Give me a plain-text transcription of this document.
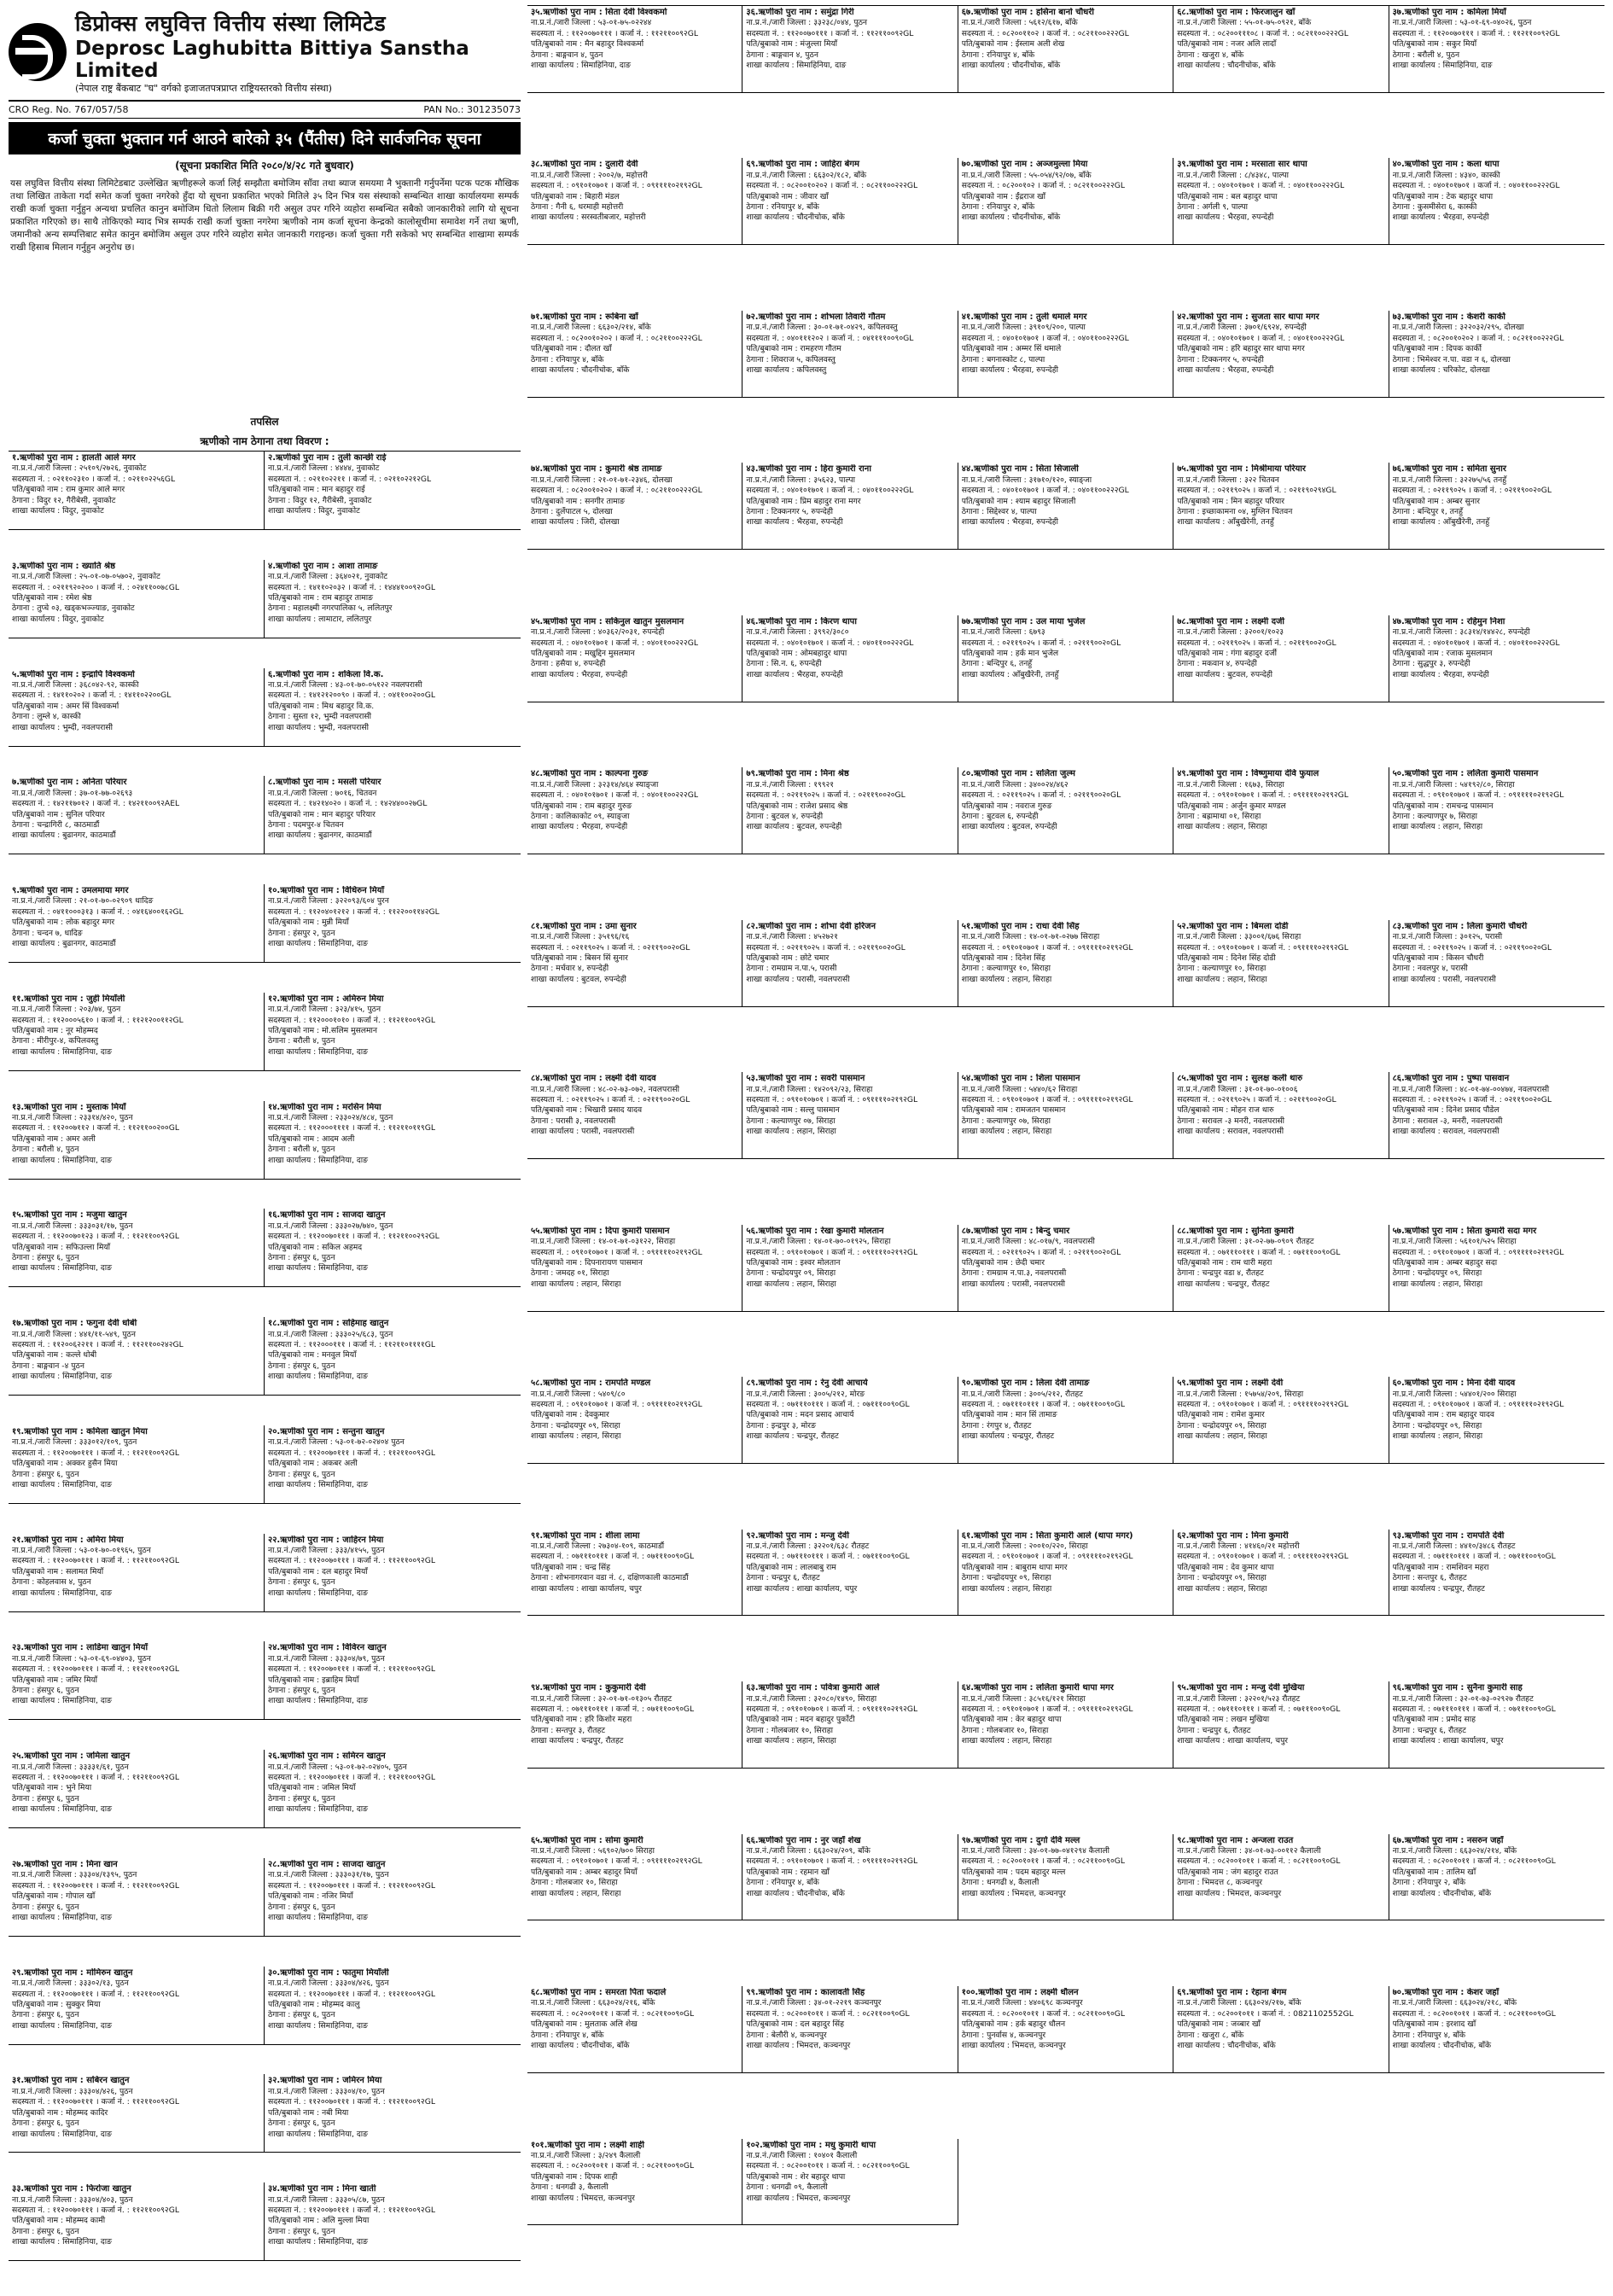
डिप्रोक्स लघुवित्त वित्तीय संस्था लिमिटेड
Deprosc Laghubitta Bittiya Sanstha Limited
(नेपाल राष्ट्र बैंकबाट "घ" वर्गको इजाजतपत्रप्राप्त राष्ट्रियस्तरको वित्तीय संस्था)
CRO Reg. No. 767/057/58	PAN No.: 301235073
कर्जा चुक्ता भुक्तान गर्न आउने बारेको ३५ (पैंतीस) दिने सार्वजनिक सूचना
(सूचना प्रकाशित मिति २०८०/४/२८ गते बुधवार)
यस लघुवित्त वित्तीय संस्था लिमिटेडबाट उल्लेखित ऋणीहरूले कर्जा लिई सम्झौता बमोजिम साँवा तथा ब्याज समयमा नै भुक्तानी गर्नुपर्नेमा पटक पटक मौखिक तथा लिखित ताकेता गर्दा समेत कर्जा चुक्ता नगरेको हुँदा यो सूचना प्रकाशित भएको मितिले ३५ दिन भित्र यस संस्थाको सम्बन्धित शाखा कार्यालयमा सम्पर्क राखी कर्जा चुक्ता गर्नुहुन अन्यथा प्रचलित कानुन बमोजिम धितो लिलाम बिक्री गरी असुल उपर गरिने व्यहोरा सम्बन्धित सबैको जानकारीको लागि यो सूचना प्रकाशित गरिएको छ। साथै तोकिएको म्याद भित्र सम्पर्क राखी कर्जा चुक्ता नगरेमा ऋणीको नाम कर्जा सूचना केन्द्रको कालोसूचीमा समावेश गर्ने तथा ऋणी, जमानीको अन्य सम्पत्तिबाट समेत कानुन बमोजिम असुल उपर गरिने व्यहोरा समेत जानकारी गराइन्छ। कर्जा चुक्ता गरी सकेको भए सम्बन्धित शाखामा सम्पर्क राखी हिसाब मिलान गर्नुहुन अनुरोध छ।
तपसिल
ऋणीको नाम ठेगाना तथा विवरण :
१.ऋणीको पुरा नाम : हालती आले मगर
ना.प्र.नं./जारी जिल्ला : २५१०९/२७२६, नुवाकोट
सदस्यता नं. : ०२११०२३१० । कर्जा नं. : ०२११०२२५६GL
पति/बुबाको नाम : राम कुमार आले मगर
ठेगाना : विदुर १२, गैरीबेसी, नुवाकोट
शाखा कार्यालय : विदुर, नुवाकोट
२.ऋणीको पुरा नाम : तुली कान्छी राई
ना.प्र.नं./जारी जिल्ला : ४४४४, नुवाकोट
सदस्यता नं. : ०२११०२२११ । कर्जा नं. : ०२११०२२१२GL
पति/बुबाको नाम : मान बहादुर राई
ठेगाना : विदुर १२, गैरीबेसी, नुवाकोट
शाखा कार्यालय : विदुर, नुवाकोट
३.ऋणीको पुरा नाम : ख्याति श्रेष्ठ
ना.प्र.नं./जारी जिल्ला : २५-०१-०७-०५७०२, नुवाकोट
सदस्यता नं. : ०२११९२०२०० । कर्जा नं. : ०२४११००७८GL
पति/बुबाको नाम : रमेश श्रेष्ठ
ठेगाना : तुप्चे ०३, खड्कभञ्ज्याङ, नुवाकोट
शाखा कार्यालय : विदुर, नुवाकोट
४.ऋणीको पुरा नाम : आशा तामाङ
ना.प्र.नं./जारी जिल्ला : ३६४०२१, नुवाकोट
सदस्यता नं. : १४११०२०३२ । कर्जा नं. : १४४४१००९२०GL
पति/बुबाको नाम : राम बहादुर तामाङ
ठेगाना : महालक्ष्मी नगरपालिका ५, ललितपुर
शाखा कार्यालय : लामाटार, ललितपुर
५.ऋणीको पुरा नाम : इन्द्रापि विश्वकर्मा
ना.प्र.नं./जारी जिल्ला : ३६८०४२-९२, कास्की
सदस्यता नं. : १४११०२०२ । कर्जा नं. : १४११०२२००GL
पति/बुबाको नाम : अमर सिं विश्वकर्मा
ठेगाना : लुम्ले ४, कास्की
शाखा कार्यालय : भुम्दी, नवलपरासी
६.ऋणीको पुरा नाम : शकिला वि.क.
ना.प्र.नं./जारी जिल्ला : ४३-०१-७०-०५१२२ नवलपरासी
सदस्यता नं. : १४१२१२००९० । कर्जा नं. : ०४११००२००GL
पति/बुबाको नाम : मिथ बहादुर वि.क.
ठेगाना : सुस्ता १२, भुम्दी नवलपरासी
शाखा कार्यालय : भुम्दी, नवलपरासी
७.ऋणीको पुरा नाम : अनिता परियार
ना.प्र.नं./जारी जिल्ला : ३७-०१-७७-०२६९३
सदस्यता नं. : १४२११७०१२ । कर्जा नं. : १४२११००९२AEL
पति/बुबाको नाम : सुनिल परियार
ठेगाना : चन्द्रागिरी ८, काठमाडौं
शाखा कार्यालय : बुढानगर, काठमाडौं
८.ऋणीको पुरा नाम : मसली परियार
ना.प्र.नं./जारी जिल्ला : ७०१६, चितवन
सदस्यता नं. : १४२१४०२० । कर्जा नं. : १४२४४००२७GL
पति/बुबाको नाम : मान बहादुर परियार
ठेगाना : पदमपुर-४ चितवन
शाखा कार्यालय : बुढानगर, काठमाडौं
९.ऋणीको पुरा नाम : उमलमाया मगर
ना.प्र.नं./जारी जिल्ला : २१-०१-७०-०२९०९ धादिङ
सदस्यता नं. : ०४११०००३१३ । कर्जा नं. : ०४१६४००१६२GL
पति/बुबाको नाम : लोक बहादुर मगर
ठेगाना : चन्दन ७, धादिङ
शाखा कार्यालय : बुढानगर, काठमाडौं
१०.ऋणीको पुरा नाम : विधिरुन मियाँ
ना.प्र.नं./जारी जिल्ला : ३२२०९३/६०४ पुरन
सदस्यता नं. : ११२०४०१२१२ । कर्जा नं. : ११२२००११४२GL
पति/बुबाको नाम : मुन्नी मियाँ
ठेगाना : हंसपुर २, पुठन
शाखा कार्यालय : सिमाहिनिया, दाङ
११.ऋणीको पुरा नाम : जुही मियाँली
ना.प्र.नं./जारी जिल्ला : २०३/७४, पुठन
सदस्यता नं. : ११२०००५६१० । कर्जा नं. : ११२१२००११२GL
पति/बुबाको नाम : नूर मोहम्मद
ठेगाना : मीरीपुर-४, कपिलवस्तु
शाखा कार्यालय : सिमाहिनिया, दाङ
१२.ऋणीको पुरा नाम : अमिरुन मिया
ना.प्र.नं./जारी जिल्ला : ३२३/४१५, पुठन
सदस्यता नं. : ११२०००१०१० । कर्जा नं. : ११२११००९२GL
पति/बुबाको नाम : मो.सलिम मुसलमान
ठेगाना : बरौली ४, पुठन
शाखा कार्यालय : सिमाहिनिया, दाङ
१३.ऋणीको पुरा नाम : मुस्ताक मियाँ
ना.प्र.नं./जारी जिल्ला : २३३१४/४२०, पुठन
सदस्यता नं. : ११२००७११२ । कर्जा नं. : ११२११००२००GL
पति/बुबाको नाम : अमर अली
ठेगाना : बरौली ४, पुठन
शाखा कार्यालय : सिमाहिनिया, दाङ
१४.ऋणीको पुरा नाम : मरसिन मिया
ना.प्र.नं./जारी जिल्ला : २३३०२४/४८४, पुठन
सदस्यता नं. : ११२०००११११ । कर्जा नं. : ११२११०११९GL
पति/बुबाको नाम : आदम अली
ठेगाना : बरौली ४, पुठन
शाखा कार्यालय : सिमाहिनिया, दाङ
१५.ऋणीको पुरा नाम : मजुमा खातुन
ना.प्र.नं./जारी जिल्ला : ३३३०३१/१७, पुठन
सदस्यता नं. : ११२००७०१२३ । कर्जा नं. : ११२११००९२GL
पति/बुबाको नाम : सफिउल्ला मियाँ
ठेगाना : हंसपुर ६, पुठन
शाखा कार्यालय : सिमाहिनिया, दाङ
१६.ऋणीको पुरा नाम : साजदा खातुन
ना.प्र.नं./जारी जिल्ला : ३३३०२७/७४०, पुठन
सदस्यता नं. : ११२००७०१११ । कर्जा नं. : ११२११००२९२GL
पति/बुबाको नाम : सकिल अहमद
ठेगाना : हंसपुर ६, पुठन
शाखा कार्यालय : सिमाहिनिया, दाङ
१७.ऋणीको पुरा नाम : फगुना देवी धोबी
ना.प्र.नं./जारी जिल्ला : ४४१/११-५४९, पुठन
सदस्यता नं. : ११२००६२२११ । कर्जा नं. : ११२११००२४२GL
पति/बुबाको नाम : कल्ले धोबी
ठेगाना : बाङ्गवान -४ पुठन
शाखा कार्यालय : सिमाहिनिया, दाङ
१८.ऋणीको पुरा नाम : सहिमाह खातुन
ना.प्र.नं./जारी जिल्ला : ३३३०२५/६८३, पुठन
सदस्यता नं. : ११२०००१११ । कर्जा नं. : ११२११०११११GL
पति/बुबाको नाम : मनवुल मियाँ
ठेगाना : हंसपुर ६, पुठन
शाखा कार्यालय : सिमाहिनिया, दाङ
१९.ऋणीको पुरा नाम : कमिला खातुन मिया
ना.प्र.नं./जारी जिल्ला : ३३३०१२/१०९, पुठन
सदस्यता नं. : ११२००७०१११ । कर्जा नं. : ११२११००९२GL
पति/बुबाको नाम : अक्कर हुसैन मिया
ठेगाना : हंसपुर ६, पुठन
शाखा कार्यालय : सिमाहिनिया, दाङ
२०.ऋणीको पुरा नाम : सन्तुना खातुन
ना.प्र.नं./जारी जिल्ला : ५३-०१-७२-०२४०४ पुठन
सदस्यता नं. : ११२००७०१११ । कर्जा नं. : ११२११००९२GL
पति/बुबाको नाम : अकबर अली
ठेगाना : हंसपुर ६, पुठन
शाखा कार्यालय : सिमाहिनिया, दाङ
२१.ऋणीको पुरा नाम : अमिरा मिया
ना.प्र.नं./जारी जिल्ला : ५३-०१-७०-०१९६५, पुठन
सदस्यता नं. : ११२००७०१११ । कर्जा नं. : ११२११००९२GL
पति/बुबाको नाम : सलामत मियाँ
ठेगाना : कोहलवास ४, पुठन
शाखा कार्यालय : सिमाहिनिया, दाङ
२२.ऋणीको पुरा नाम : जाहिरन मिया
ना.प्र.नं./जारी जिल्ला : ३३३/४१५५, पुठन
सदस्यता नं. : ११२००७०१११ । कर्जा नं. : ११२११००९२GL
पति/बुबाको नाम : दल बहादुर मियाँ
ठेगाना : हंसपुर ६, पुठन
शाखा कार्यालय : सिमाहिनिया, दाङ
२३.ऋणीको पुरा नाम : लाडिमा खातुन मियाँ
ना.प्र.नं./जारी जिल्ला : ५३-०१-६९-०४४०३, पुठन
सदस्यता नं. : ११२००७०१११ । कर्जा नं. : ११२११००९२GL
पति/बुबाको नाम : जमिर मियाँ
ठेगाना : हंसपुर ६, पुठन
शाखा कार्यालय : सिमाहिनिया, दाङ
२४.ऋणीको पुरा नाम : विविरन खातुन
ना.प्र.नं./जारी जिल्ला : ३३३०४/७९, पुठन
सदस्यता नं. : ११२००७०१११ । कर्जा नं. : ११२११००९२GL
पति/बुबाको नाम : इब्राहिम मियाँ
ठेगाना : हंसपुर ६, पुठन
शाखा कार्यालय : सिमाहिनिया, दाङ
२५.ऋणीको पुरा नाम : जमिला खातुन
ना.प्र.नं./जारी जिल्ला : ३३३३१/६१, पुठन
सदस्यता नं. : ११२००७०१११ । कर्जा नं. : ११२११००९२GL
पति/बुबाको नाम : भुने मिया
ठेगाना : हंसपुर ६, पुठन
शाखा कार्यालय : सिमाहिनिया, दाङ
२६.ऋणीको पुरा नाम : समिरन खातुन
ना.प्र.नं./जारी जिल्ला : ५३-०१-७२-०२४०५, पुठन
सदस्यता नं. : ११२००७०१११ । कर्जा नं. : ११२११००९२GL
पति/बुबाको नाम : जमिल मियाँ
ठेगाना : हंसपुर ६, पुठन
शाखा कार्यालय : सिमाहिनिया, दाङ
२७.ऋणीको पुरा नाम : मिना खान
ना.प्र.नं./जारी जिल्ला : ३३३०४/१३९५, पुठन
सदस्यता नं. : ११२००७०१११ । कर्जा नं. : ११२११००९२GL
पति/बुबाको नाम : गोपाल खाँ
ठेगाना : हंसपुर ६, पुठन
शाखा कार्यालय : सिमाहिनिया, दाङ
२८.ऋणीको पुरा नाम : साजदा खातुन
ना.प्र.नं./जारी जिल्ला : ३३३०३१/१७, पुठन
सदस्यता नं. : ११२००७०१११ । कर्जा नं. : ११२११००९२GL
पति/बुबाको नाम : नजिर मियाँ
ठेगाना : हंसपुर ६, पुठन
शाखा कार्यालय : सिमाहिनिया, दाङ
२९.ऋणीको पुरा नाम : मोमिरुन खातुन
ना.प्र.नं./जारी जिल्ला : ३३३०२/१३, पुठन
सदस्यता नं. : ११२००७०१११ । कर्जा नं. : ११२११००९२GL
पति/बुबाको नाम : सुक्कुर मिया
ठेगाना : हंसपुर ६, पुठन
शाखा कार्यालय : सिमाहिनिया, दाङ
३०.ऋणीको पुरा नाम : फातुमा मियाँली
ना.प्र.नं./जारी जिल्ला : ३३३०४/४२६, पुठन
सदस्यता नं. : ११२००७०१११ । कर्जा नं. : ११२११००९२GL
पति/बुबाको नाम : मोहम्मद कालु
ठेगाना : हंसपुर ६, पुठन
शाखा कार्यालय : सिमाहिनिया, दाङ
३१.ऋणीको पुरा नाम : सबिरन खातुन
ना.प्र.नं./जारी जिल्ला : ३३३०४/४२६, पुठन
सदस्यता नं. : ११२००७०१११ । कर्जा नं. : ११२११००९२GL
पति/बुबाको नाम : मोहम्मद कादिर
ठेगाना : हंसपुर ६, पुठन
शाखा कार्यालय : सिमाहिनिया, दाङ
३२.ऋणीको पुरा नाम : जमिरन मिया
ना.प्र.नं./जारी जिल्ला : ३३३०४/१०, पुठन
सदस्यता नं. : ११२००७०१११ । कर्जा नं. : ११२११००९२GL
पति/बुबाको नाम : नबी मिया
ठेगाना : हंसपुर ६, पुठन
शाखा कार्यालय : सिमाहिनिया, दाङ
३३.ऋणीको पुरा नाम : फिरोजा खातुन
ना.प्र.नं./जारी जिल्ला : ३३३०४/४०३, पुठन
सदस्यता नं. : ११२००७०१११ । कर्जा नं. : ११२११००९२GL
पति/बुबाको नाम : मोहम्मद कामी
ठेगाना : हंसपुर ६, पुठन
शाखा कार्यालय : सिमाहिनिया, दाङ
३४.ऋणीको पुरा नाम : मिना खाती
ना.प्र.नं./जारी जिल्ला : ३३३०५/८७, पुठन
सदस्यता नं. : ११२००७०१११ । कर्जा नं. : ११२११००९२GL
पति/बुबाको नाम : अलि मुल्ला मिया
ठेगाना : हंसपुर ६, पुठन
शाखा कार्यालय : सिमाहिनिया, दाङ
३५.ऋणीको पुरा नाम : सिता देवी विश्वकर्मा
ना.प्र.नं./जारी जिल्ला : ५३-०१-७५-०२२४४
सदस्यता नं. : ११२००७०१११ । कर्जा नं. : ११२११००९२GL
पति/बुबाको नाम : मैन बहादुर विश्वकर्मा
ठेगाना : बाङ्गवान ४, पुठन
शाखा कार्यालय : सिमाहिनिया, दाङ
३६.ऋणीको पुरा नाम : समुंद्रा गिरी
ना.प्र.नं./जारी जिल्ला : ३३२३८/०४४, पुठन
सदस्यता नं. : ११२००७०१११ । कर्जा नं. : ११२११००९२GL
पति/बुबाको नाम : मंजुल्ला मियाँ
ठेगाना : बाङ्गवान ४, पुठन
शाखा कार्यालय : सिमाहिनिया, दाङ
६७.ऋणीको पुरा नाम : हसिना बानो चौधरी
ना.प्र.नं./जारी जिल्ला : ५६१२/६१७, बाँके
सदस्यता नं. : ०८२००११०२ । कर्जा नं. : ०८२११००२२२GL
पति/बुबाको नाम : ईस्लाम अली शेख
ठेगाना : रनियापुर ४, बाँके
शाखा कार्यालय : चौदनीचोक, बाँके
६८.ऋणीको पुरा नाम : फिरजालुन खाँ
ना.प्र.नं./जारी जिल्ला : ५५-०१-७५-०९२१, बाँके
सदस्यता नं. : ०८२००१११०८ । कर्जा नं. : ०८२११००२२२GL
पति/बुबाको नाम : नजर अलि लादाँ
ठेगाना : खजुरा ४, बाँके
शाखा कार्यालय : चौदनीचोक, बाँके
३७.ऋणीको पुरा नाम : कमिला मियाँ
ना.प्र.नं./जारी जिल्ला : ५३-०१-६९-०४०२६, पुठन
सदस्यता नं. : ११२००७०१११ । कर्जा नं. : ११२११००९२GL
पति/बुबाको नाम : सकुर मियाँ
ठेगाना : बरौली ४, पुठन
शाखा कार्यालय : सिमाहिनिया, दाङ
३८.ऋणीको पुरा नाम : दुलारी देवी
ना.प्र.नं./जारी जिल्ला : २००२/७, महोत्तरी
सदस्यता नं. : ०९१०१०७०१ । कर्जा नं. : ०९११११०२१९२GL
पति/बुबाको नाम : बिहारी मंडल
ठेगाना : गैनी ६, धरमाही महोत्तरी
शाखा कार्यालय : सरस्वतीबजार, महोत्तरी
६९.ऋणीको पुरा नाम : जाहिरा बेगम
ना.प्र.नं./जारी जिल्ला : ६६३०२/१८२, बाँके
सदस्यता नं. : ०८२००१०२०२ । कर्जा नं. : ०८२११००२२२GL
पति/बुबाको नाम : जीवार खाँ
ठेगाना : रनियापुर ४, बाँके
शाखा कार्यालय : चौदनीचोक, बाँके
७०.ऋणीको पुरा नाम : अञ्जमुल्ला मिया
ना.प्र.नं./जारी जिल्ला : ५५-०५४/९२/०७, बाँके
सदस्यता नं. : ०८२००१०२ । कर्जा नं. : ०८२११००२२२GL
पति/बुबाको नाम : ईंद्रराज खाँ
ठेगाना : रनियापुर २, बाँके
शाखा कार्यालय : चौदनीचोक, बाँके
३९.ऋणीको पुरा नाम : मरसाता सार थापा
ना.प्र.नं./जारी जिल्ला : ८/४३४८, पाल्पा
सदस्यता नं. : ०४०१०१७०१ । कर्जा नं. : ०४०११००२२२GL
पति/बुबाको नाम : बल बहादुर थापा
ठेगाना : अर्गली ९, पाल्पा
शाखा कार्यालय : भैरहवा, रुपन्देही
४०.ऋणीको पुरा नाम : कला थापा
ना.प्र.नं./जारी जिल्ला : ४३४०, कास्की
सदस्यता नं. : ०४०१०१७०१ । कर्जा नं. : ०४०११००२२२GL
पति/बुबाको नाम : टेक बहादुर थापा
ठेगाना : कुसमीसेरा ६, कास्की
शाखा कार्यालय : भैरहवा, रुपन्देही
७१.ऋणीको पुरा नाम : रूबिना खाँ
ना.प्र.नं./जारी जिल्ला : ६६३०२/२१४, बाँके
सदस्यता नं. : ०८२००१०२०२ । कर्जा नं. : ०८२११००२२२GL
पति/बुबाको नाम : दौलत खाँ
ठेगाना : रनियापुर ४, बाँके
शाखा कार्यालय : चौदनीचोक, बाँके
७२.ऋणीको पुरा नाम : शोभला तिवारी गौतम
ना.प्र.नं./जारी जिल्ला : ३०-०१-७१-०४२९, कपिलवस्तु
सदस्यता नं. : ०४०१११२०२ । कर्जा नं. : ०४११११००९०GL
पति/बुबाको नाम : रामहरण गौतम
ठेगाना : शिवराज ५, कपिलवस्तु
शाखा कार्यालय : कपिलवस्तु
४१.ऋणीको पुरा नाम : तुली थमाले मगर
ना.प्र.नं./जारी जिल्ला : ३९१०९/२००, पाल्पा
सदस्यता नं. : ०४०१०१७०१ । कर्जा नं. : ०४०११००२२२GL
पति/बुबाको नाम : अम्मर सिं थमाले
ठेगाना : बगनास्कोट ८, पाल्पा
शाखा कार्यालय : भैरहवा, रुपन्देही
४२.ऋणीको पुरा नाम : सुजता सार थापा मगर
ना.प्र.नं./जारी जिल्ला : ३७०१/६९२४, रुपन्देही
सदस्यता नं. : ०४०१०१७०१ । कर्जा नं. : ०४०११००२२२GL
पति/बुबाको नाम : हरि बहादुर सार थापा मगर
ठेगाना : टिक्कनगर ५, रुपन्देही
शाखा कार्यालय : भैरहवा, रुपन्देही
७३.ऋणीको पुरा नाम : केशरी कार्की
ना.प्र.नं./जारी जिल्ला : ३२२०३२/२९५, दोलखा
सदस्यता नं. : ०८२००१०२०२ । कर्जा नं. : ०८२११००२२२GL
पति/बुबाको नाम : दिपक कार्की
ठेगाना : भिमेश्वर न.पा. वडा न ६, दोलखा
शाखा कार्यालय : चरिकोट, दोलखा
७४.ऋणीको पुरा नाम : कुमारी श्रेष्ठ तामाङ
ना.प्र.नं./जारी जिल्ला : २१-०१-७१-२३४६, दोलखा
सदस्यता नं. : ०८२००१०२०२ । कर्जा नं. : ०८२११००२२२GL
पति/बुबाको नाम : सनगीर तामाङ
ठेगाना : दुर्लेपाटल ५, दोलखा
शाखा कार्यालय : जिरी, दोलखा
४३.ऋणीको पुरा नाम : हिरा कुमारी राना
ना.प्र.नं./जारी जिल्ला : ३५६२३, पाल्पा
सदस्यता नं. : ०४०१०१७०१ । कर्जा नं. : ०४०११००२२२GL
पति/बुबाको नाम : प्रिम बहादुर राना मगर
ठेगाना : टिक्कनगर ५, रुपन्देही
शाखा कार्यालय : भैरहवा, रुपन्देही
४४.ऋणीको पुरा नाम : सिता सिजाली
ना.प्र.नं./जारी जिल्ला : ३१७१०/१२०, स्याङ्जा
सदस्यता नं. : ०४०१०१७०१ । कर्जा नं. : ०४०११००२२२GL
पति/बुबाको नाम : श्याम बहादुर सिजाली
ठेगाना : सिद्देश्वर ४, पाल्पा
शाखा कार्यालय : भैरहवा, रुपन्देही
७५.ऋणीको पुरा नाम : मिश्रीमाया परियार
ना.प्र.नं./जारी जिल्ला : ३२२ चितवन
सदस्यता नं. : ०२११९०२५ । कर्जा नं. : ०२११९०२९४GL
पति/बुबाको नाम : मिन बहादुर परियार
ठेगाना : इच्छाकामना ०४, मुग्लिन चितवन
शाखा कार्यालय : आँबुखैरेनी, तनहुँ
७६.ऋणीको पुरा नाम : समिता सुनार
ना.प्र.नं./जारी जिल्ला : ३२२७५/५६ तनहुँ
सदस्यता नं. : ०२११९०२५ । कर्जा नं. : ०२११९००२०GL
पति/बुबाको नाम : अम्बर सुनार
ठेगाना : बन्दिपुर १, तनहुँ
शाखा कार्यालय : आँबुखैरेनी, तनहुँ
४५.ऋणीको पुरा नाम : सकिनुल खातुन मुसलमान
ना.प्र.नं./जारी जिल्ला : ४०३६२/२०३१, रुपन्देही
सदस्यता नं. : ०४०१०१७०१ । कर्जा नं. : ०४०११००२२२GL
पति/बुबाको नाम : मखुद्दिन मुसलमान
ठेगाना : हसैया ४, रुपन्देही
शाखा कार्यालय : भैरहवा, रुपन्देही
४६.ऋणीको पुरा नाम : किरण थापा
ना.प्र.नं./जारी जिल्ला : ३९९२/३०८०
सदस्यता नं. : ०४०१०१७०१ । कर्जा नं. : ०४०११००२२२GL
पति/बुबाको नाम : ओमबहादुर थापा
ठेगाना : सि.न. ६, रुपन्देही
शाखा कार्यालय : भैरहवा, रुपन्देही
७७.ऋणीको पुरा नाम : उल माया भुजेल
ना.प्र.नं./जारी जिल्ला : ६७९३
सदस्यता नं. : ०२११९०२५ । कर्जा नं. : ०२११९००२०GL
पति/बुबाको नाम : हर्क मान भुजेल
ठेगाना : बन्दिपुर ६, तनहुँ
शाखा कार्यालय : आँबुखैरेनी, तनहुँ
७८.ऋणीको पुरा नाम : लक्ष्मी दर्जी
ना.प्र.नं./जारी जिल्ला : ३२००१/१०२३
सदस्यता नं. : ०२११९०२५ । कर्जा नं. : ०२११९००२०GL
पति/बुबाको नाम : गंगा बहादुर दर्जी
ठेगाना : मकवान ४, रुपन्देही
शाखा कार्यालय : बुटवल, रुपन्देही
४७.ऋणीको पुरा नाम : रहिमुन निशा
ना.प्र.नं./जारी जिल्ला : ३८३१४/१४४२८, रुपन्देही
सदस्यता नं. : ०४०१०१७०१ । कर्जा नं. : ०४०११००२२२GL
पति/बुबाको नाम : रजाक मुसलमान
ठेगाना : सुद्धपुर ३, रुपन्देही
शाखा कार्यालय : भैरहवा, रुपन्देही
४८.ऋणीको पुरा नाम : काल्पना गुरुङ
ना.प्र.नं./जारी जिल्ला : ३२३१४/४६४ स्याङ्जा
सदस्यता नं. : ०४०१०१७०१ । कर्जा नं. : ०४०११००२२२GL
पति/बुबाको नाम : राम बहादुर गुरुङ
ठेगाना : कालिकाकोट ०९, स्याङ्जा
शाखा कार्यालय : भैरहवा, रुपन्देही
७९.ऋणीको पुरा नाम : मिना श्रेष्ठ
ना.प्र.नं./जारी जिल्ला : १९९२१
सदस्यता नं. : ०२११९०२५ । कर्जा नं. : ०२११९००२०GL
पति/बुबाको नाम : राजेश प्रसाद श्रेष्ठ
ठेगाना : बुटवल ४, रुपन्देही
शाखा कार्यालय : बुटवल, रुपन्देही
८०.ऋणीको पुरा नाम : सलिता जुल्म
ना.प्र.नं./जारी जिल्ला : ३४००२४/४६२
सदस्यता नं. : ०२११९०२५ । कर्जा नं. : ०२११९००२०GL
पति/बुबाको नाम : नवराज गुरुङ
ठेगाना : बुटवल ६, रुपन्देही
शाखा कार्यालय : बुटवल, रुपन्देही
४९.ऋणीको पुरा नाम : विष्णुमाया देवि फुयाल
ना.प्र.नं./जारी जिल्ला : १६७३, सिराहा
सदस्यता नं. : ०९१०१०७०१ । कर्जा नं. : ०९११११०२१९२GL
पति/बुबाको नाम : अर्जुन कुमार मण्डल
ठेगाना : बह्रामाथा ०१, सिराहा
शाखा कार्यालय : लहान, सिराहा
५०.ऋणीको पुरा नाम : ललिता कुमारी पासमान
ना.प्र.नं./जारी जिल्ला : ५४१९२/८०, सिराहा
सदस्यता नं. : ०९१०१०७०१ । कर्जा नं. : ०९११११०२१९२GL
पति/बुबाको नाम : रामचन्द्र पासमान
ठेगाना : कल्याणपुर ७, सिराहा
शाखा कार्यालय : लहान, सिराहा
८१.ऋणीको पुरा नाम : उमा सुनार
ना.प्र.नं./जारी जिल्ला : ३५१९६/१६
सदस्यता नं. : ०२११९०२५ । कर्जा नं. : ०२११९००२०GL
पति/बुबाको नाम : बिसन सिं सुनार
ठेगाना : मर्चवार ४, रुपन्देही
शाखा कार्यालय : बुटवल, रुपन्देही
८२.ऋणीको पुरा नाम : शोभा देवी हरिजन
ना.प्र.नं./जारी जिल्ला : ४५२७२१
सदस्यता नं. : ०२११९०२५ । कर्जा नं. : ०२११९००२०GL
पति/बुबाको नाम : छोटे चमार
ठेगाना : रामग्राम न.पा.५, परासी
शाखा कार्यालय : परासी, नवलपरासी
५१.ऋणीको पुरा नाम : राधा देवी सिंह
ना.प्र.नं./जारी जिल्ला : १४-०१-७१-०२७७ सिराहा
सदस्यता नं. : ०९१०१०७०१ । कर्जा नं. : ०९११११०२१९२GL
पति/बुबाको नाम : दिनेश सिंह
ठेगाना : कल्याणपुर १०, सिराहा
शाखा कार्यालय : लहान, सिराहा
५२.ऋणीको पुरा नाम : बिमला दोडी
ना.प्र.नं./जारी जिल्ला : ३३००१/६७६ सिराहा
सदस्यता नं. : ०९१०१०७०१ । कर्जा नं. : ०९११११०२१९२GL
पति/बुबाको नाम : दिनेश सिंह दोडी
ठेगाना : कल्याणपुर १०, सिराहा
शाखा कार्यालय : लहान, सिराहा
८३.ऋणीको पुरा नाम : लिला कुमारी चौधरी
ना.प्र.नं./जारी जिल्ला : ३०१२५, परासी
सदस्यता नं. : ०२११९०२५ । कर्जा नं. : ०२११९००२०GL
पति/बुबाको नाम : किसन चौधरी
ठेगाना : नवलपुर ४, परासी
शाखा कार्यालय : परासी, नवलपरासी
८४.ऋणीको पुरा नाम : लक्ष्मी देवी यादव
ना.प्र.नं./जारी जिल्ला : ४८-०२-७३-०७२, नवलपरासी
सदस्यता नं. : ०२११९०२५ । कर्जा नं. : ०२११९००२०GL
पति/बुबाको नाम : भिखारी प्रसाद यादव
ठेगाना : परासी ३, नवलपरासी
शाखा कार्यालय : परासी, नवलपरासी
५३.ऋणीको पुरा नाम : सवरी पासमान
ना.प्र.नं./जारी जिल्ला : १४२०९२/२३, सिराहा
सदस्यता नं. : ०९१०१०७०१ । कर्जा नं. : ०९११११०२१९२GL
पति/बुबाको नाम : सल्लु पासमान
ठेगाना : कल्याणपुर ०७, सिराहा
शाखा कार्यालय : लहान, सिराहा
५४.ऋणीको पुरा नाम : शिला पासमान
ना.प्र.नं./जारी जिल्ला : ५४४०/६२ सिराहा
सदस्यता नं. : ०९१०१०७०१ । कर्जा नं. : ०९११११०२१९२GL
पति/बुबाको नाम : रामजतन पासमान
ठेगाना : कल्याणपुर ०७, सिराहा
शाखा कार्यालय : लहान, सिराहा
८५.ऋणीको पुरा नाम : सुलक्ष कली थारु
ना.प्र.नं./जारी जिल्ला : ३१-०१-७०-०१००६
सदस्यता नं. : ०२११९०२५ । कर्जा नं. : ०२११९००२०GL
पति/बुबाको नाम : मोहन राज थारु
ठेगाना : सरावल -३ मनरी, नवलपरासी
शाखा कार्यालय : सरावल, नवलपरासी
८६.ऋणीको पुरा नाम : पुष्पा पासवान
ना.प्र.नं./जारी जिल्ला : ४८-०१-७४-००४७४, नवलपरासी
सदस्यता नं. : ०२११९०२५ । कर्जा नं. : ०२११९००२०GL
पति/बुबाको नाम : दिनेश प्रसाद पौडेल
ठेगाना : सरावल -३, मनरी, नवलपरासी
शाखा कार्यालय : सरावल, नवलपरासी
५५.ऋणीको पुरा नाम : दिपा कुमारी पासमान
ना.प्र.नं./जारी जिल्ला : १४-०१-७१-०३१२२, सिराहा
सदस्यता नं. : ०९१०१०७०१ । कर्जा नं. : ०९११११०२१९२GL
पति/बुबाको नाम : दिपनारायण पासमान
ठेगाना : जमदह ०१, सिराहा
शाखा कार्यालय : लहान, सिराहा
५६.ऋणीको पुरा नाम : रेखा कुमारी मोलतान
ना.प्र.नं./जारी जिल्ला : १४-०१-७०-०१९२५, सिराहा
सदस्यता नं. : ०९१०१०७०१ । कर्जा नं. : ०९११११०२१९२GL
पति/बुबाको नाम : इश्वर मोलतान
ठेगाना : चन्द्रोदयपुर ०९, सिराहा
शाखा कार्यालय : लहान, सिराहा
८७.ऋणीको पुरा नाम : बिन्दु चमार
ना.प्र.नं./जारी जिल्ला : ४८-०१७/९, नवलपरासी
सदस्यता नं. : ०२११९०२५ । कर्जा नं. : ०२११९००२०GL
पति/बुबाको नाम : छेदी चमार
ठेगाना : रामग्राम न.पा.३, नवलपरासी
शाखा कार्यालय : परासी, नवलपरासी
८८.ऋणीको पुरा नाम : सुनिता कुमारी
ना.प्र.नं./जारी जिल्ला : ३१-०२-७७-०९०९ रौतहट
सदस्यता नं. : ०७१११०१११ । कर्जा नं. : ०७१११००९०GL
पति/बुबाको नाम : राम धारी महरा
ठेगाना : चन्द्रपुर वडा ४, रौतहट
शाखा कार्यालय : चन्द्रपुर, रौतहट
५७.ऋणीको पुरा नाम : सिता कुमारी सदा मगर
ना.प्र.नं./जारी जिल्ला : ५६१०१/५२५ सिराहा
सदस्यता नं. : ०९१०१०७०१ । कर्जा नं. : ०९११११०२१९२GL
पति/बुबाको नाम : अम्बर बहादुर सदा
ठेगाना : चन्द्रोदयपुर ०९, सिराहा
शाखा कार्यालय : लहान, सिराहा
५८.ऋणीको पुरा नाम : रामपति मण्डल
ना.प्र.नं./जारी जिल्ला : ५४०९/८०
सदस्यता नं. : ०९१०१०७०१ । कर्जा नं. : ०९११११०२१९२GL
पति/बुबाको नाम : देवकुमार
ठेगाना : चन्द्रोदयपुर ०९, सिराहा
शाखा कार्यालय : लहान, सिराहा
८९.ऋणीको पुरा नाम : रेनु देवी आचार्य
ना.प्र.नं./जारी जिल्ला : ३००५/२१२, मोरङ
सदस्यता नं. : ०७१११०१११ । कर्जा नं. : ०७१११००९०GL
पति/बुबाको नाम : मदन प्रसाद आचार्य
ठेगाना : इन्द्रपुर ३, मोरङ
शाखा कार्यालय : चन्द्रपुर, रौतहट
९०.ऋणीको पुरा नाम : लिला देवी तामाङ
ना.प्र.नं./जारी जिल्ला : ३००५/२१२, रौतहट
सदस्यता नं. : ०७१११०१११ । कर्जा नं. : ०७१११००९०GL
पति/बुबाको नाम : मान सिं तामाङ
ठेगाना : रंगपुर ४, रौतहट
शाखा कार्यालय : चन्द्रपुर, रौतहट
५९.ऋणीको पुरा नाम : लक्ष्मी देवी
ना.प्र.नं./जारी जिल्ला : १५७५४/२०९, सिराहा
सदस्यता नं. : ०९१०१०७०१ । कर्जा नं. : ०९११११०२१९२GL
पति/बुबाको नाम : रामेश कुमार
ठेगाना : चन्द्रोदयपुर ०९, सिराहा
शाखा कार्यालय : लहान, सिराहा
६०.ऋणीको पुरा नाम : मिना देवी यादव
ना.प्र.नं./जारी जिल्ला : ५४४०१/२०० सिराहा
सदस्यता नं. : ०९१०१०७०१ । कर्जा नं. : ०९११११०२१९२GL
पति/बुबाको नाम : राम बहादुर यादव
ठेगाना : चन्द्रोदयपुर ०९, सिराहा
शाखा कार्यालय : लहान, सिराहा
९१.ऋणीको पुरा नाम : शीला लामा
ना.प्र.नं./जारी जिल्ला : २७३०४-१०९, काठमाडौं
सदस्यता नं. : ०७१११०१११ । कर्जा नं. : ०७१११००९०GL
पति/बुबाको नाम : चन्द्र सिंह
ठेगाना : शोभनागरवान वडा नं. ८, दक्षिणकाली काठमाडौं
शाखा कार्यालय : शाखा कार्यालय, चपुर
९२.ऋणीको पुरा नाम : मन्जु देवी
ना.प्र.नं./जारी जिल्ला : ३२२०१/६३८ रौतहट
सदस्यता नं. : ०७१११०१११ । कर्जा नं. : ०७१११००९०GL
पति/बुबाको नाम : लालबाबु राम
ठेगाना : चन्द्रपुर ६, रौतहट
शाखा कार्यालय : शाखा कार्यालय, चपुर
६१.ऋणीको पुरा नाम : सिता कुमारी आले (थापा मगर)
ना.प्र.नं./जारी जिल्ला : २००१०/२२०, सिराहा
सदस्यता नं. : ०९१०१०७०१ । कर्जा नं. : ०९११११०२१९२GL
पति/बुबाको नाम : बाबुराम थापा मगर
ठेगाना : चन्द्रोदयपुर ०९, सिराहा
शाखा कार्यालय : लहान, सिराहा
६२.ऋणीको पुरा नाम : मिना कुमारी
ना.प्र.नं./जारी जिल्ला : ४१४६०/२१ महोत्तरी
सदस्यता नं. : ०९१०१०७०१ । कर्जा नं. : ०९११११०२१९२GL
पति/बुबाको नाम : देव कुमार थापा
ठेगाना : चन्द्रोदयपुर ०९, सिराहा
शाखा कार्यालय : लहान, सिराहा
९३.ऋणीको पुरा नाम : रामपति देवी
ना.प्र.नं./जारी जिल्ला : ४४१०/३४८६ रौतहट
सदस्यता नं. : ०७१११०१११ । कर्जा नं. : ०७१११००९०GL
पति/बुबाको नाम : रामशिवन महरा
ठेगाना : सन्तपुर ६, रौतहट
शाखा कार्यालय : चन्द्रपुर, रौतहट
९४.ऋणीको पुरा नाम : कुकुमारी देवी
ना.प्र.नं./जारी जिल्ला : ३२-०१-७१-०१३०५ रौतहट
सदस्यता नं. : ०७१११०१११ । कर्जा नं. : ०७१११००९०GL
पति/बुबाको नाम : हरि किशोर महरा
ठेगाना : सन्तपुर ३, रौतहट
शाखा कार्यालय : चन्द्रपुर, रौतहट
६३.ऋणीको पुरा नाम : पवित्रा कुमारी आले
ना.प्र.नं./जारी जिल्ला : ३२०८०/१४९०, सिराहा
सदस्यता नं. : ०९१०१०७०१ । कर्जा नं. : ०९११११०२१९२GL
पति/बुबाको नाम : मदन बहादुर पुर्कोटी
ठेगाना : गोलबजार १०, सिराहा
शाखा कार्यालय : लहान, सिराहा
६४.ऋणीको पुरा नाम : ललिता कुमारी थापा मगर
ना.प्र.नं./जारी जिल्ला : ३८५१६/१२१ सिराहा
सदस्यता नं. : ०९१०१०७०१ । कर्जा नं. : ०९११११०२१९२GL
पति/बुबाको नाम : केर बहादुर थापा
ठेगाना : गोलबजार १०, सिराहा
शाखा कार्यालय : लहान, सिराहा
९५.ऋणीको पुरा नाम : मन्जु देवी मुखिया
ना.प्र.नं./जारी जिल्ला : ३२२०१/५२३ रौतहट
सदस्यता नं. : ०७१११०१११ । कर्जा नं. : ०७१११००९०GL
पति/बुबाको नाम : लखन मुखिया
ठेगाना : चन्द्रपुर ६, रौतहट
शाखा कार्यालय : शाखा कार्यालय, चपुर
९६.ऋणीको पुरा नाम : सुनैना कुमारी साह
ना.प्र.नं./जारी जिल्ला : ३२-०१-७३-०२९२७ रौतहट
सदस्यता नं. : ०७१११०१११ । कर्जा नं. : ०७१११००९०GL
पति/बुबाको नाम : प्रमोद साह
ठेगाना : चन्द्रपुर ६, रौतहट
शाखा कार्यालय : शाखा कार्यालय, चपुर
६५.ऋणीको पुरा नाम : सोमा कुमारी
ना.प्र.नं./जारी जिल्ला : ५६९०२/७०० सिराहा
सदस्यता नं. : ०९१०१०७०१ । कर्जा नं. : ०९११११०२१९२GL
पति/बुबाको नाम : अम्बर बहादुर मियाँ
ठेगाना : गोलबजार १०, सिराहा
शाखा कार्यालय : लहान, सिराहा
६६.ऋणीको पुरा नाम : नुर जहाँ शेख
ना.प्र.नं./जारी जिल्ला : ६६३०२४/२०९, बाँके
सदस्यता नं. : ०९१०१०७०१ । कर्जा नं. : ०९११११०२१९२GL
पति/बुबाको नाम : रहमान खाँ
ठेगाना : रनियापुर ४, बाँके
शाखा कार्यालय : चौदनीचोक, बाँके
९७.ऋणीको पुरा नाम : दुर्गा देवि मल्ल
ना.प्र.नं./जारी जिल्ला : ३४-०१-७७-०४१२९४ कैलाली
सदस्यता नं. : ०८२००१०११ । कर्जा नं. : ०८२११००९०GL
पति/बुबाको नाम : पदम बहादुर मल्ल
ठेगाना : धनगढी ४, कैलाली
शाखा कार्यालय : भिमदत्त, कञ्चनपुर
९८.ऋणीको पुरा नाम : अन्जला राउत
ना.प्र.नं./जारी जिल्ला : ३४-०१-७३-००११२ कैलाली
सदस्यता नं. : ०८२००१०११ । कर्जा नं. : ०८२११००९०GL
पति/बुबाको नाम : जंग बहादुर राउत
ठेगाना : भिमदत्त ८, कञ्चनपुर
शाखा कार्यालय : भिमदत्त, कञ्चनपुर
६७.ऋणीको पुरा नाम : नसरुन जहाँ
ना.प्र.नं./जारी जिल्ला : ६६३०२४/२१४, बाँके
सदस्यता नं. : ०८२००१०११ । कर्जा नं. : ०८२११००९०GL
पति/बुबाको नाम : तालिम खाँ
ठेगाना : रनियापुर २, बाँके
शाखा कार्यालय : चौदनीचोक, बाँके
६८.ऋणीको पुरा नाम : समरता पिता फदाले
ना.प्र.नं./जारी जिल्ला : ६६३०२४/२१६, बाँके
सदस्यता नं. : ०८२००१०११ । कर्जा नं. : ०८२११००९०GL
पति/बुबाको नाम : मुलताक अलि शेख
ठेगाना : रनियापुर ४, बाँके
शाखा कार्यालय : चौदनीचोक, बाँके
९९.ऋणीको पुरा नाम : कालावती सिंह
ना.प्र.नं./जारी जिल्ला : ३४-०१-२२१९ कञ्चनपुर
सदस्यता नं. : ०८२००१०११ । कर्जा नं. : ०८२११००९०GL
पति/बुबाको नाम : दल बहादुर सिंह
ठेगाना : बेलौरी ४, कञ्चनपुर
शाखा कार्यालय : भिमदत्त, कञ्चनपुर
१००.ऋणीको पुरा नाम : लक्ष्मी धौलन
ना.प्र.नं./जारी जिल्ला : ४४०६९८ कञ्चनपुर
सदस्यता नं. : ०८२००१०११ । कर्जा नं. : ०८२११००९०GL
पति/बुबाको नाम : हर्क बहादुर धौलन
ठेगाना : पुनर्वास ४, कञ्चनपुर
शाखा कार्यालय : भिमदत्त, कञ्चनपुर
६९.ऋणीको पुरा नाम : रेहाना बेगम
ना.प्र.नं./जारी जिल्ला : ६६३०२४/२१७, बाँके
सदस्यता नं. : ०८२००१०११ । कर्जा नं. : 0821102552GL
पति/बुबाको नाम : जव्बार खाँ
ठेगाना : खजुरा ८, बाँके
शाखा कार्यालय : चौदनीचोक, बाँके
७०.ऋणीको पुरा नाम : केशर जहाँ
ना.प्र.नं./जारी जिल्ला : ६६३०२४/२१८, बाँके
सदस्यता नं. : ०८२००१०११ । कर्जा नं. : ०८२११००९०GL
पति/बुबाको नाम : इरशाद खाँ
ठेगाना : रनियापुर ४, बाँके
शाखा कार्यालय : चौदनीचोक, बाँके
१०१.ऋणीको पुरा नाम : लक्ष्मी शाही
ना.प्र.नं./जारी जिल्ला : ३/२४९ कैलाली
सदस्यता नं. : ०८२००१०११ । कर्जा नं. : ०८२११००९०GL
पति/बुबाको नाम : दिपक शाही
ठेगाना : धनगढी ३, कैलाली
शाखा कार्यालय : भिमदत्त, कञ्चनपुर
१०२.ऋणीको पुरा नाम : मधु कुमारी थापा
ना.प्र.नं./जारी जिल्ला : १०४०१ कैलाली
सदस्यता नं. : ०८२००१०११ । कर्जा नं. : ०८२११००९०GL
पति/बुबाको नाम : शेर बहादुर थापा
ठेगाना : धनगढी ०९, कैलाली
शाखा कार्यालय : भिमदत्त, कञ्चनपुर
